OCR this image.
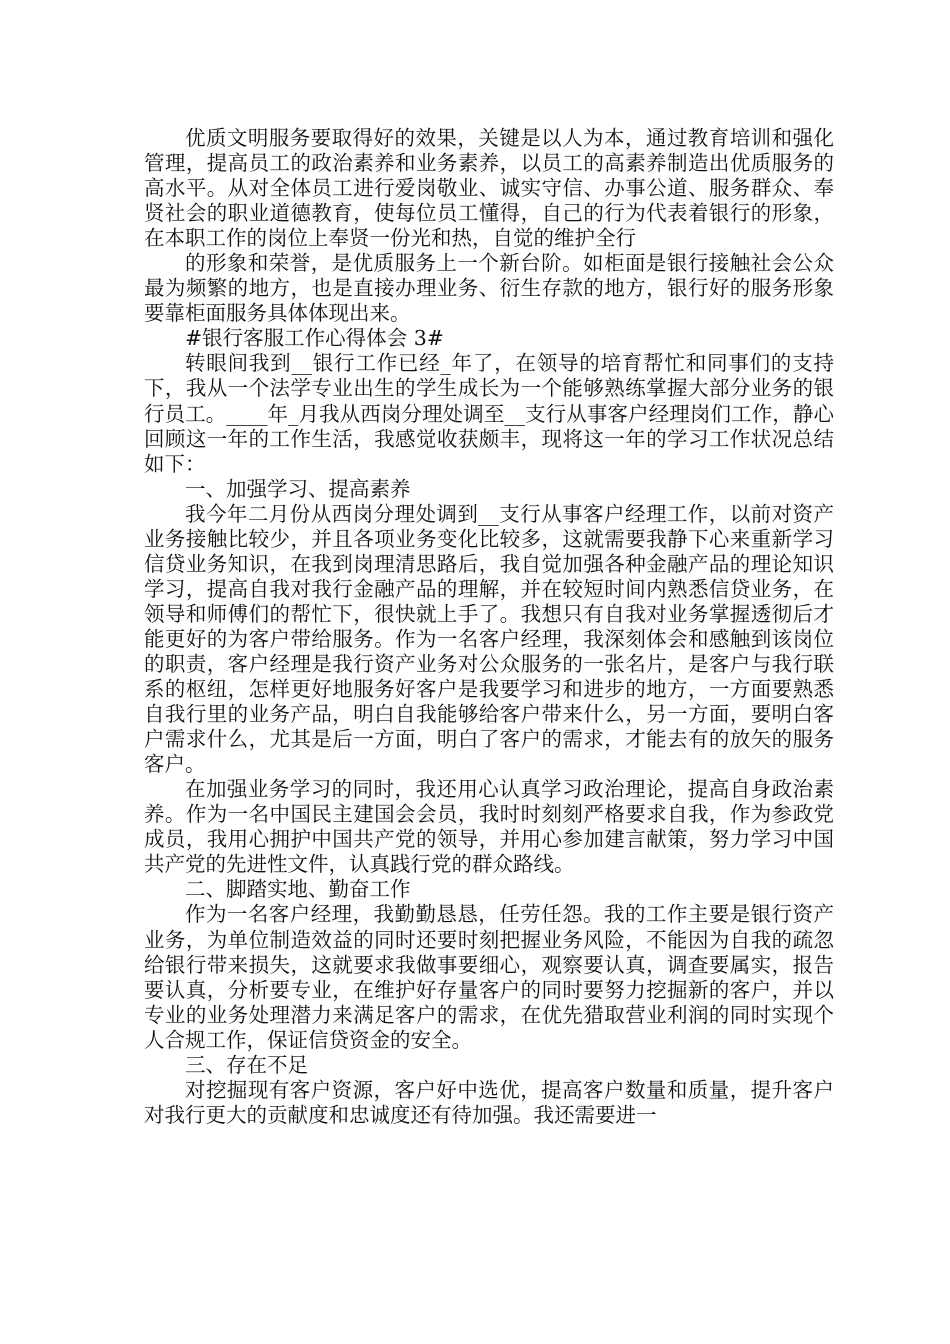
优质文明服务要取得好的效果，关键是以人为本，通过教育培训和强化管理，提高员工的政治素养和业务素养，以员工的高素养制造出优质服务的高水平。从对全体员工进行爱岗敬业、诚实守信、办事公道、服务群众、奉贤社会的职业道德教育，使每位员工懂得，自己的行为代表着银行的形象，在本职工作的岗位上奉贤一份光和热，自觉的维护全行

的形象和荣誉，是优质服务上一个新台阶。如柜面是银行接触社会公众最为频繁的地方，也是直接办理业务、衍生存款的地方，银行好的服务形象要靠柜面服务具体体现出来。

#银行客服工作心得体会 3#

转眼间我到__银行工作已经_年了，在领导的培育帮忙和同事们的支持下，我从一个法学专业出生的学生成长为一个能够熟练掌握大部分业务的银行员工。____年_月我从西岗分理处调至__支行从事客户经理岗们工作，静心回顾这一年的工作生活，我感觉收获颇丰，现将这一年的学习工作状况总结如下：

一、加强学习、提高素养

我今年二月份从西岗分理处调到__支行从事客户经理工作，以前对资产业务接触比较少，并且各项业务变化比较多，这就需要我静下心来重新学习信贷业务知识，在我到岗理清思路后，我自觉加强各种金融产品的理论知识学习，提高自我对我行金融产品的理解，并在较短时间内熟悉信贷业务，在领导和师傅们的帮忙下，很快就上手了。我想只有自我对业务掌握透彻后才能更好的为客户带给服务。作为一名客户经理，我深刻体会和感触到该岗位的职责，客户经理是我行资产业务对公众服务的一张名片，是客户与我行联系的枢纽，怎样更好地服务好客户是我要学习和进步的地方，一方面要熟悉自我行里的业务产品，明白自我能够给客户带来什么，另一方面，要明白客户需求什么，尤其是后一方面，明白了客户的需求，才能去有的放矢的服务客户。

在加强业务学习的同时，我还用心认真学习政治理论，提高自身政治素养。作为一名中国民主建国会会员，我时时刻刻严格要求自我，作为参政党成员，我用心拥护中国共产党的领导，并用心参加建言献策，努力学习中国共产党的先进性文件，认真践行党的群众路线。

二、脚踏实地、勤奋工作

作为一名客户经理，我勤勤恳恳，任劳任怨。我的工作主要是银行资产业务，为单位制造效益的同时还要时刻把握业务风险，不能因为自我的疏忽给银行带来损失，这就要求我做事要细心，观察要认真，调查要属实，报告要认真，分析要专业，在维护好存量客户的同时要努力挖掘新的客户，并以专业的业务处理潜力来满足客户的需求，在优先猎取营业利润的同时实现个人合规工作，保证信贷资金的安全。

三、存在不足

对挖掘现有客户资源，客户好中选优，提高客户数量和质量，提升客户对我行更大的贡献度和忠诚度还有待加强。我还需要进一
